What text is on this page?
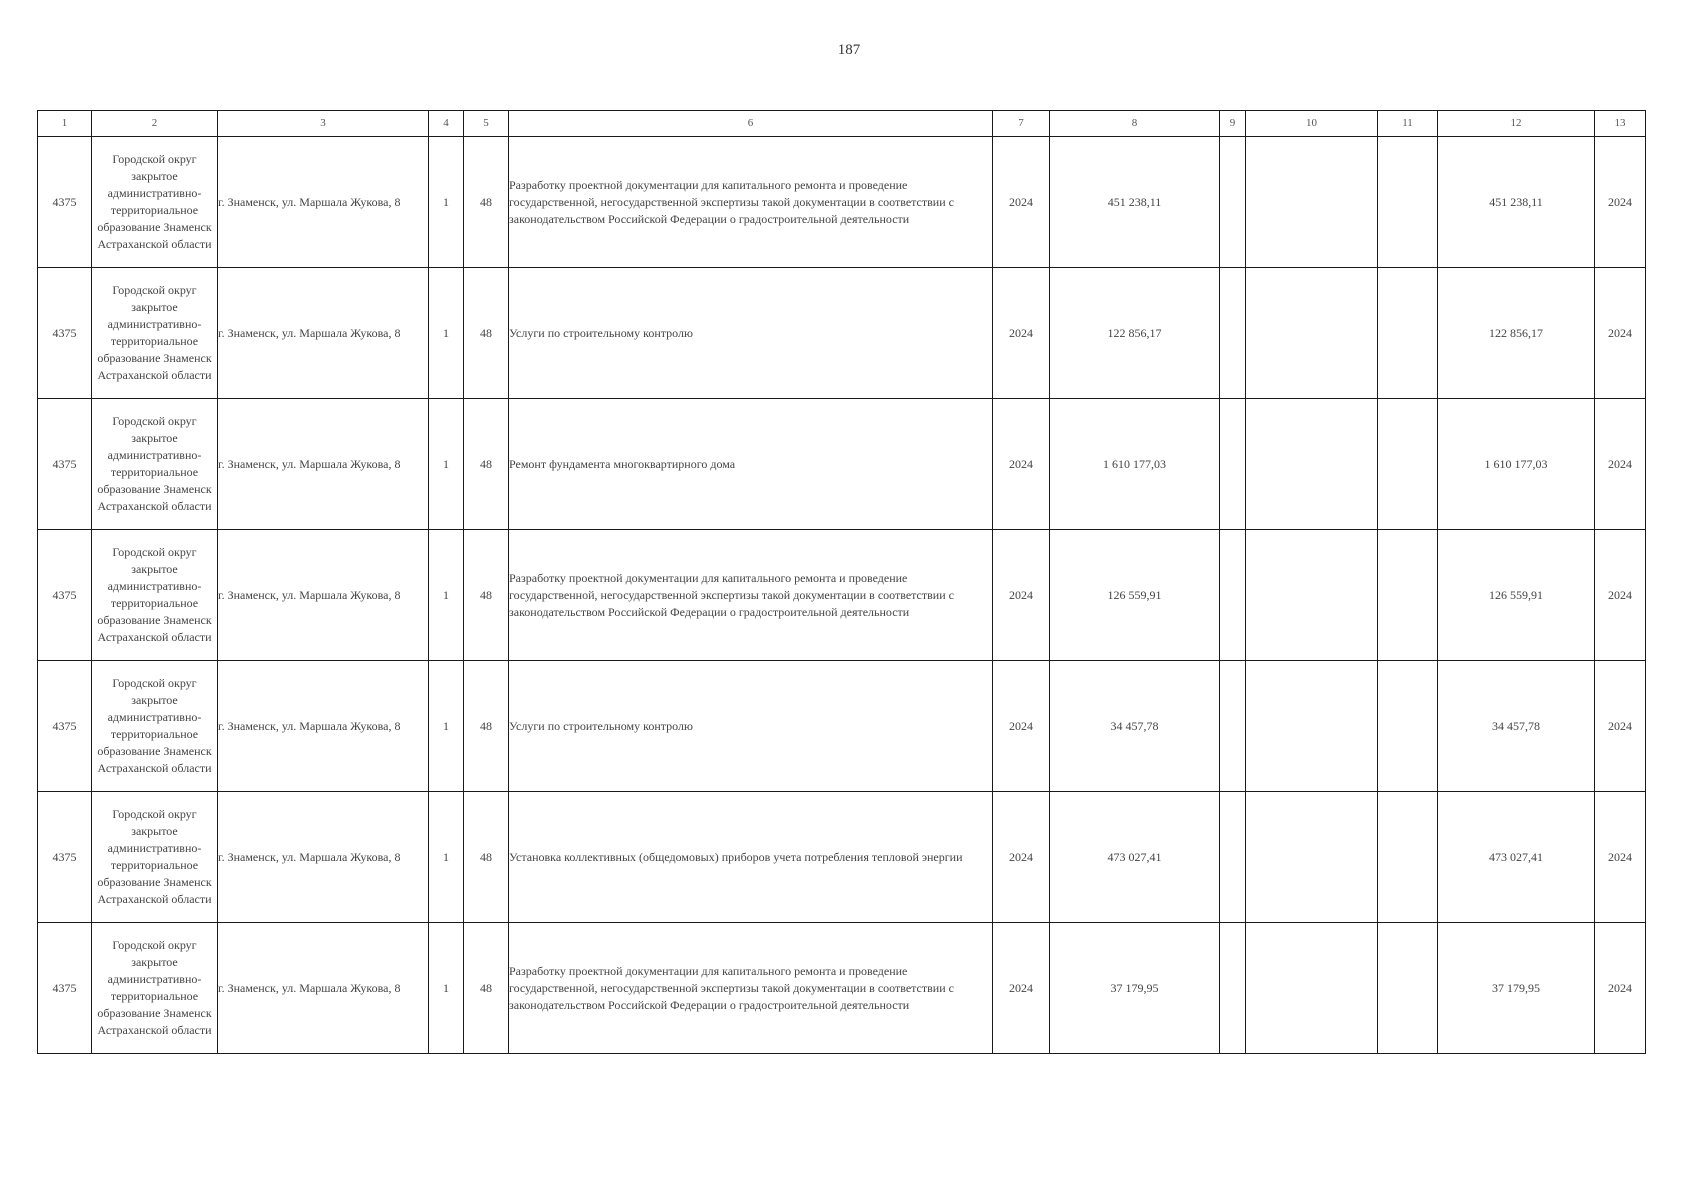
187
1	2	3	4	5	6	7	8	9	10	11	12	13
4375	Городской округ закрытое административно-территориальное образование Знаменск Астраханской области	г. Знаменск, ул. Маршала Жукова, 8	1	48	Разработку проектной документации для капитального ремонта и проведение государственной, негосударственной экспертизы такой документации в соответствии с законодательством Российской Федерации о градостроительной деятельности	2024	451 238,11				451 238,11	2024
4375	Городской округ закрытое административно-территориальное образование Знаменск Астраханской области	г. Знаменск, ул. Маршала Жукова, 8	1	48	Услуги по строительному контролю	2024	122 856,17				122 856,17	2024
4375	Городской округ закрытое административно-территориальное образование Знаменск Астраханской области	г. Знаменск, ул. Маршала Жукова, 8	1	48	Ремонт фундамента многоквартирного дома	2024	1 610 177,03				1 610 177,03	2024
4375	Городской округ закрытое административно-территориальное образование Знаменск Астраханской области	г. Знаменск, ул. Маршала Жукова, 8	1	48	Разработку проектной документации для капитального ремонта и проведение государственной, негосударственной экспертизы такой документации в соответствии с законодательством Российской Федерации о градостроительной деятельности	2024	126 559,91				126 559,91	2024
4375	Городской округ закрытое административно-территориальное образование Знаменск Астраханской области	г. Знаменск, ул. Маршала Жукова, 8	1	48	Услуги по строительному контролю	2024	34 457,78				34 457,78	2024
4375	Городской округ закрытое административно-территориальное образование Знаменск Астраханской области	г. Знаменск, ул. Маршала Жукова, 8	1	48	Установка коллективных (общедомовых) приборов учета потребления тепловой энергии	2024	473 027,41				473 027,41	2024
4375	Городской округ закрытое административно-территориальное образование Знаменск Астраханской области	г. Знаменск, ул. Маршала Жукова, 8	1	48	Разработку проектной документации для капитального ремонта и проведение государственной, негосударственной экспертизы такой документации в соответствии с законодательством Российской Федерации о градостроительной деятельности	2024	37 179,95				37 179,95	2024
